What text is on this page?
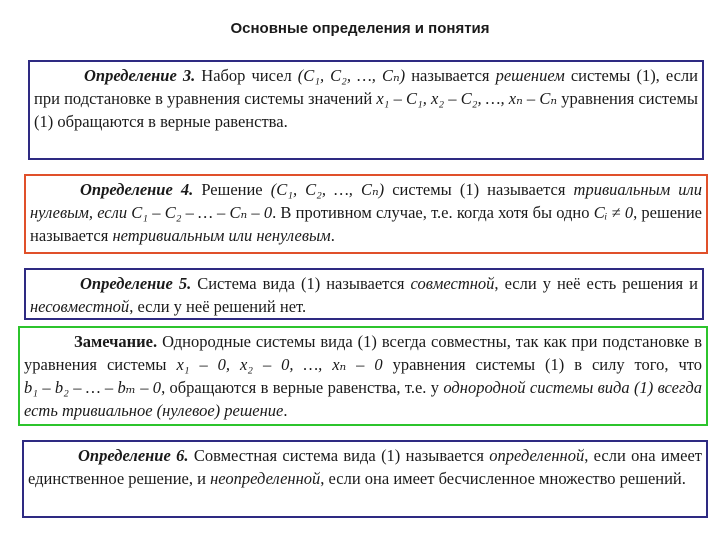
Основные определения и понятия

Определение 3. Набор чисел (C₁, C₂, …, Cₙ) называется решением системы (1), если при подстановке в уравнения системы значений x₁ – C₁, x₂ – C₂, …, xₙ – Cₙ уравнения системы (1) обращаются в верные равенства.

Определение 4. Решение (C₁, C₂, …, Cₙ) системы (1) называется тривиальным или нулевым, если C₁ – C₂ – … – Cₙ – 0. В противном случае, т.е. когда хотя бы одно Cᵢ ≠ 0, решение называется нетривиальным или ненулевым.

Определение 5. Система вида (1) называется совместной, если у неё есть решения и несовместной, если у неё решений нет.

Замечание. Однородные системы вида (1) всегда совместны, так как при подстановке в уравнения системы x₁ – 0, x₂ – 0, …, xₙ – 0 уравнения системы (1) в силу того, что b₁ – b₂ – … – bₘ – 0, обращаются в верные равенства, т.е. у однородной системы вида (1) всегда есть тривиальное (нулевое) решение.

Определение 6. Совместная система вида (1) называется определенной, если она имеет единственное решение, и неопределенной, если она имеет бесчисленное множество решений.
